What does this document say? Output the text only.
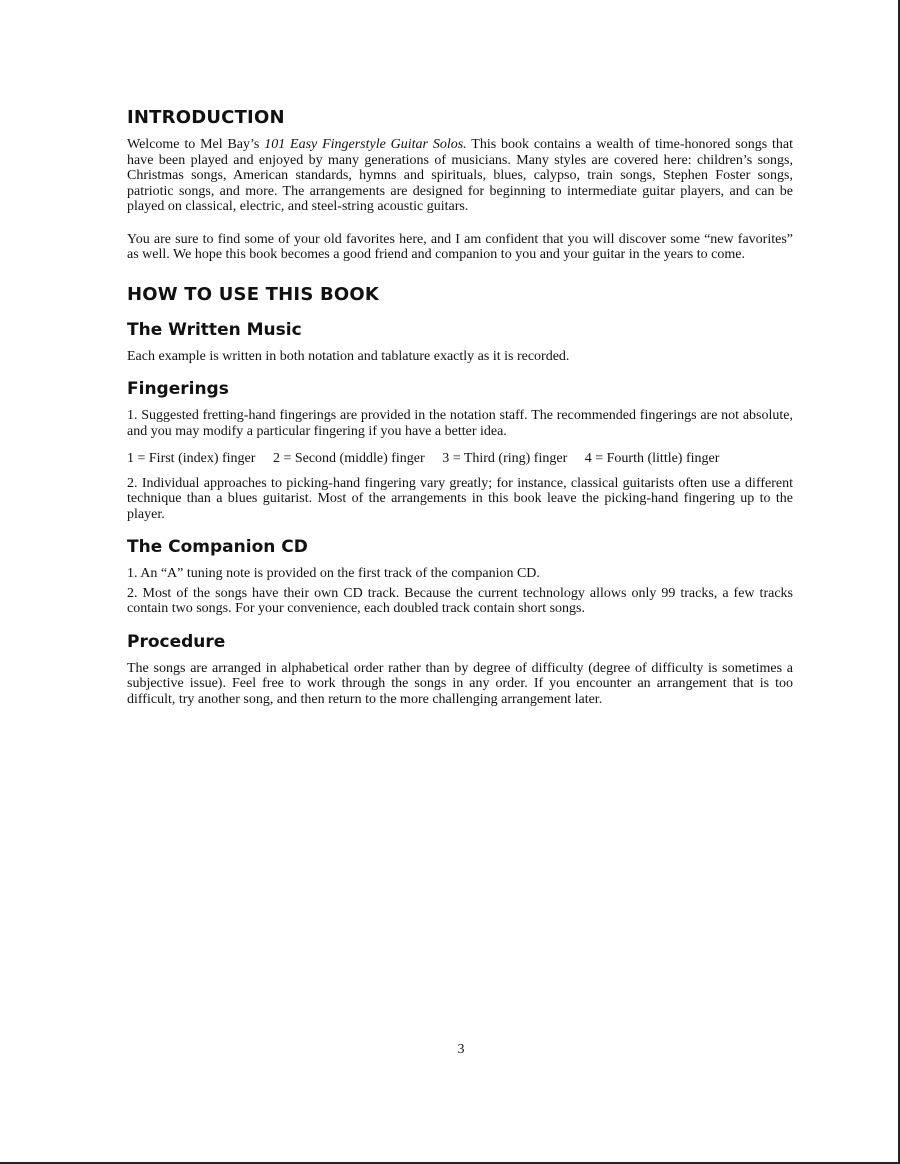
INTRODUCTION

Welcome to Mel Bay’s 101 Easy Fingerstyle Guitar Solos. This book contains a wealth of time-honored songs that have been played and enjoyed by many generations of musicians. Many styles are covered here: children’s songs, Christmas songs, American standards, hymns and spirituals, blues, calypso, train songs, Stephen Foster songs, patriotic songs, and more. The arrangements are designed for beginning to intermediate guitar players, and can be played on classical, electric, and steel-string acoustic guitars.

You are sure to find some of your old favorites here, and I am confident that you will discover some “new favorites” as well. We hope this book becomes a good friend and companion to you and your guitar in the years to come.

HOW TO USE THIS BOOK
The Written Music

Each example is written in both notation and tablature exactly as it is recorded.

Fingerings

1. Suggested fretting-hand fingerings are provided in the notation staff. The recommended fingerings are not absolute, and you may modify a particular fingering if you have a better idea.

1 = First (index) finger 2 = Second (middle) finger 3 = Third (ring) finger 4 = Fourth (little) finger

2. Individual approaches to picking-hand fingering vary greatly; for instance, classical guitarists often use a different technique than a blues guitarist. Most of the arrangements in this book leave the picking-hand fingering up to the player.

The Companion CD

1. An “A” tuning note is provided on the first track of the companion CD.

2. Most of the songs have their own CD track. Because the current technology allows only 99 tracks, a few tracks contain two songs. For your convenience, each doubled track contain short songs.

Procedure

The songs are arranged in alphabetical order rather than by degree of difficulty (degree of difficulty is sometimes a subjective issue). Feel free to work through the songs in any order. If you encounter an arrangement that is too difficult, try another song, and then return to the more challenging arrangement later.

3
